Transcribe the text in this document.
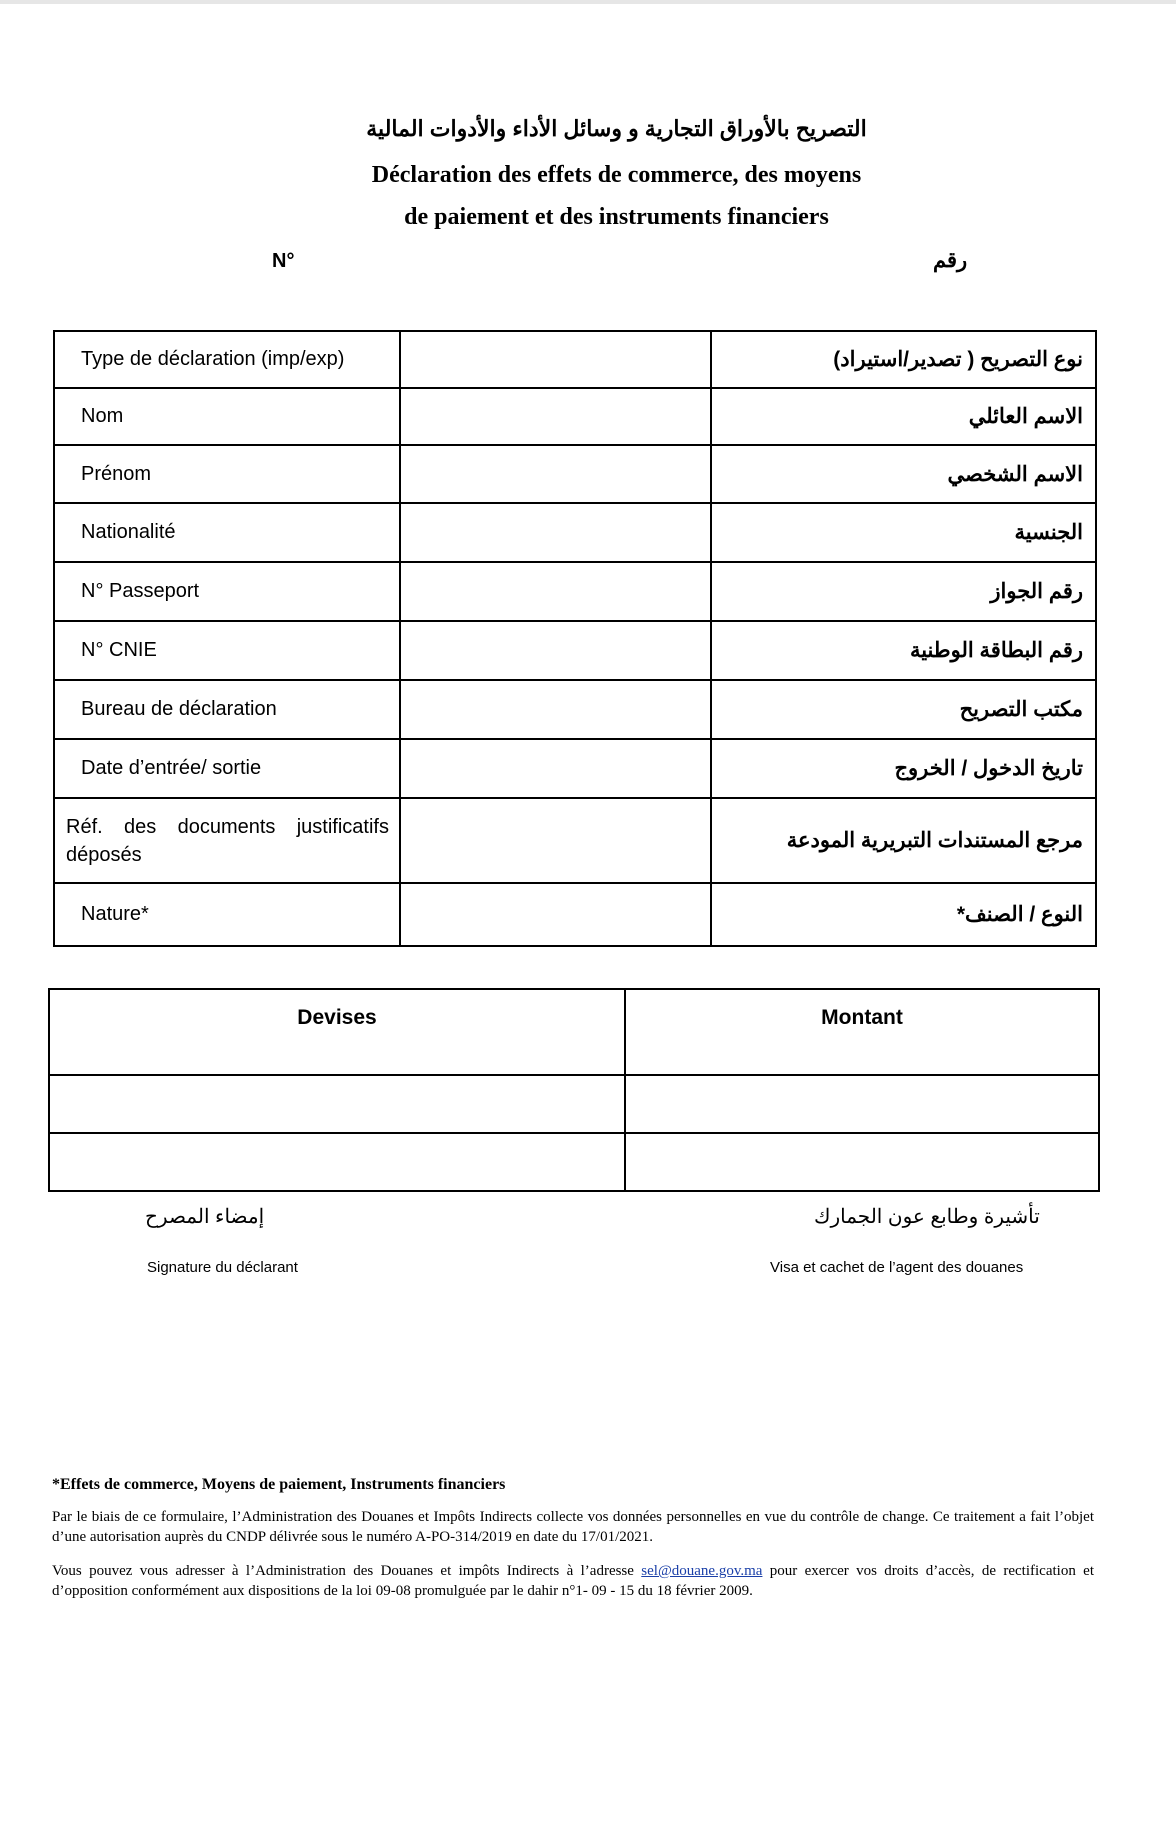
التصريح بالأوراق التجارية و وسائل الأداء والأدوات المالية
Déclaration des effets de commerce, des moyens
de paiement et des instruments financiers
N°	رقم
Type de déclaration (imp/exp)		نوع التصريح ( تصدير/استيراد)
Nom		الاسم العائلي
Prénom		الاسم الشخصي
Nationalité		الجنسية
N° Passeport		رقم الجواز
N° CNIE		رقم البطاقة الوطنية
Bureau de déclaration		مكتب التصريح
Date d’entrée/ sortie		تاريخ الدخول / الخروج
Réf. des documents justificatifs déposés		مرجع المستندات التبريرية المودعة
Nature*		النوع / الصنف*
Devises	Montant

إمضاء المصرح	تأشيرة وطابع عون الجمارك
Signature du déclarant	Visa et cachet de l’agent des douanes
*Effets de commerce, Moyens de paiement, Instruments financiers
Par le biais de ce formulaire, l’Administration des Douanes et Impôts Indirects collecte vos données personnelles en vue du contrôle de change. Ce traitement a fait l’objet d’une autorisation auprès du CNDP délivrée sous le numéro A-PO-314/2019 en date du 17/01/2021.
Vous pouvez vous adresser à l’Administration des Douanes et impôts Indirects à l’adresse sel@douane.gov.ma pour exercer vos droits d’accès, de rectification et d’opposition conformément aux dispositions de la loi 09-08 promulguée par le dahir n°1- 09 - 15 du 18 février 2009.
